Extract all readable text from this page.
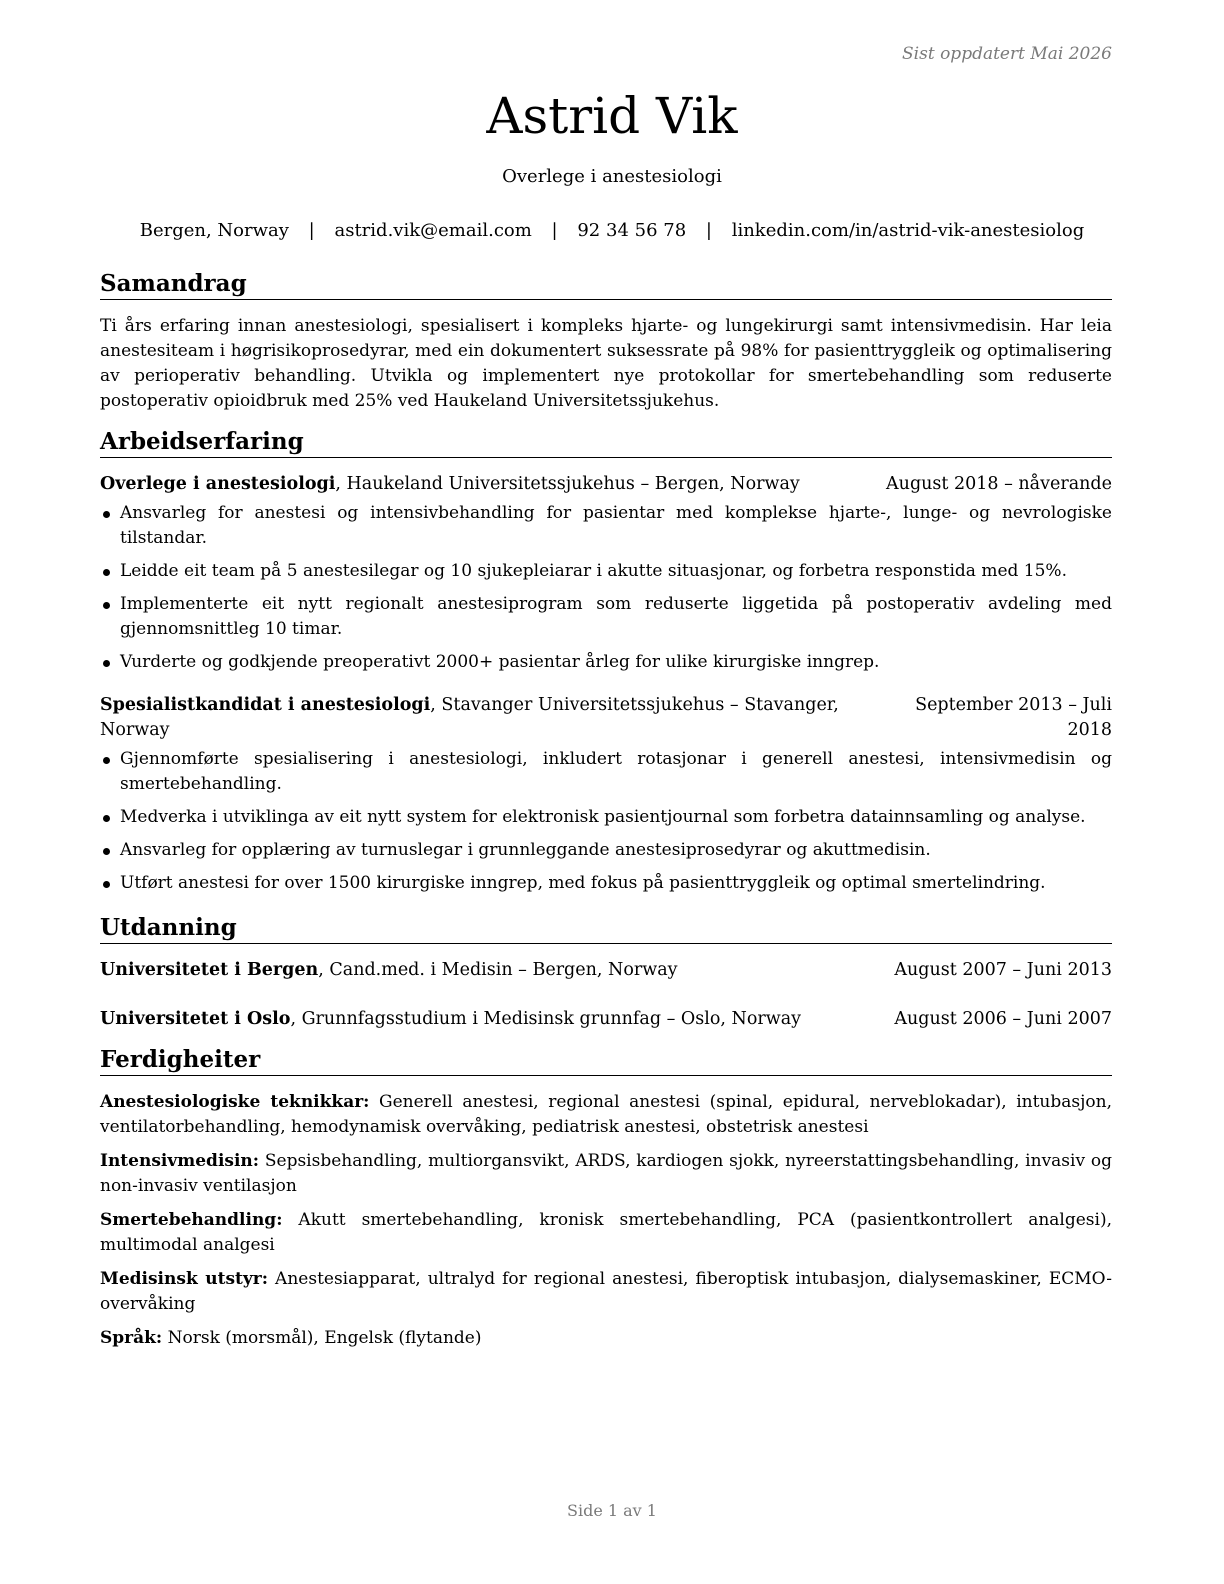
Sist oppdatert Mai 2026
Astrid Vik
Overlege i anestesiologi
Bergen, Norway | astrid.vik@email.com | 92 34 56 78 | linkedin.com/in/astrid-vik-anestesiolog
Samandrag

Ti års erfaring innan anestesiologi, spesialisert i kompleks hjarte- og lungekirurgi samt intensivmedisin. Har leia anestesiteam i høgrisikoprosedyrar, med ein dokumentert suksessrate på 98% for pasienttryggleik og optimalisering av perioperativ behandling. Utvikla og implementert nye protokollar for smertebehandling som reduserte postoperativ opioidbruk med 25% ved Haukeland Universitetssjukehus.

Arbeidserfaring
Overlege i anestesiologi, Haukeland Universitetssjukehus – Bergen, Norway	August 2018 – nåverande
Ansvarleg for anestesi og intensivbehandling for pasientar med komplekse hjarte-, lunge- og nevrologiske tilstandar.
Leidde eit team på 5 anestesilegar og 10 sjukepleiarar i akutte situasjonar, og forbetra responstida med 15%.
Implementerte eit nytt regionalt anestesiprogram som reduserte liggetida på postoperativ avdeling med gjennomsnittleg 10 timar.
Vurderte og godkjende preoperativt 2000+ pasientar årleg for ulike kirurgiske inngrep.
Spesialistkandidat i anestesiologi, Stavanger Universitetssjukehus – Stavanger, Norway
September 2013 – Juli 2018
Gjennomførte spesialisering i anestesiologi, inkludert rotasjonar i generell anestesi, intensivmedisin og smertebehandling.
Medverka i utviklinga av eit nytt system for elektronisk pasientjournal som forbetra datainnsamling og analyse.
Ansvarleg for opplæring av turnuslegar i grunnleggande anestesiprosedyrar og akuttmedisin.
Utført anestesi for over 1500 kirurgiske inngrep, med fokus på pasienttryggleik og optimal smertelindring.
Utdanning
Universitetet i Bergen, Cand.med. i Medisin – Bergen, Norway	August 2007 – Juni 2013
Universitetet i Oslo, Grunnfagsstudium i Medisinsk grunnfag – Oslo, Norway	August 2006 – Juni 2007
Ferdigheiter

Anestesiologiske teknikkar: Generell anestesi, regional anestesi (spinal, epidural, nerveblokadar), intubasjon, ventilatorbehandling, hemodynamisk overvåking, pediatrisk anestesi, obstetrisk anestesi

Intensivmedisin: Sepsisbehandling, multiorgansvikt, ARDS, kardiogen sjokk, nyreerstattingsbehandling, invasiv og non-invasiv ventilasjon

Smertebehandling: Akutt smertebehandling, kronisk smertebehandling, PCA (pasientkontrollert analgesi), multimodal analgesi

Medisinsk utstyr: Anestesiapparat, ultralyd for regional anestesi, fiberoptisk intubasjon, dialysemaskiner, ECMO-overvåking

Språk: Norsk (morsmål), Engelsk (flytande)

Side 1 av 1
